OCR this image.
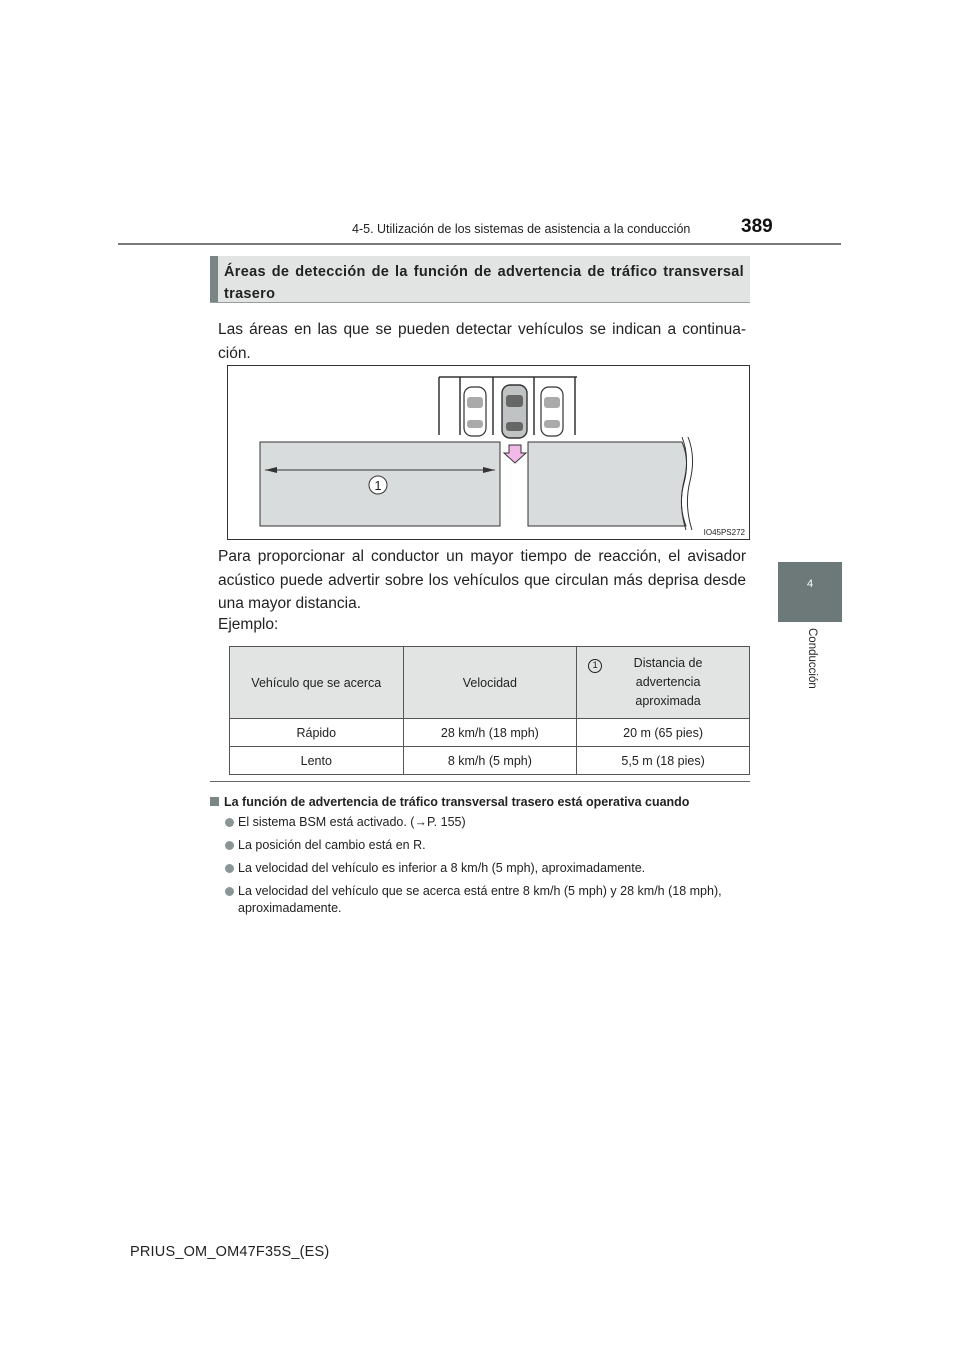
4-5. Utilización de los sistemas de asistencia a la conducción	389
4
Conducción
Áreas de detección de la función de advertencia de tráfico transversal trasero
Las áreas en las que se pueden detectar vehículos se indican a continua-ción.
1
IO45PS272
Para proporcionar al conductor un mayor tiempo de reacción, el avisador acústico puede advertir sobre los vehículos que circulan más deprisa desde una mayor distancia.
Ejemplo:
Vehículo que se acerca	Velocidad	1 Distancia de advertencia aproximada

Rápido	28 km/h (18 mph)	20 m (65 pies)
Lento	8 km/h (5 mph)	5,5 m (18 pies)
La función de advertencia de tráfico transversal trasero está operativa cuando
El sistema BSM está activado. (→P. 155)
La posición del cambio está en R.
La velocidad del vehículo es inferior a 8 km/h (5 mph), aproximadamente.
La velocidad del vehículo que se acerca está entre 8 km/h (5 mph) y 28 km/h (18 mph), aproximadamente.
PRIUS_OM_OM47F35S_(ES)
